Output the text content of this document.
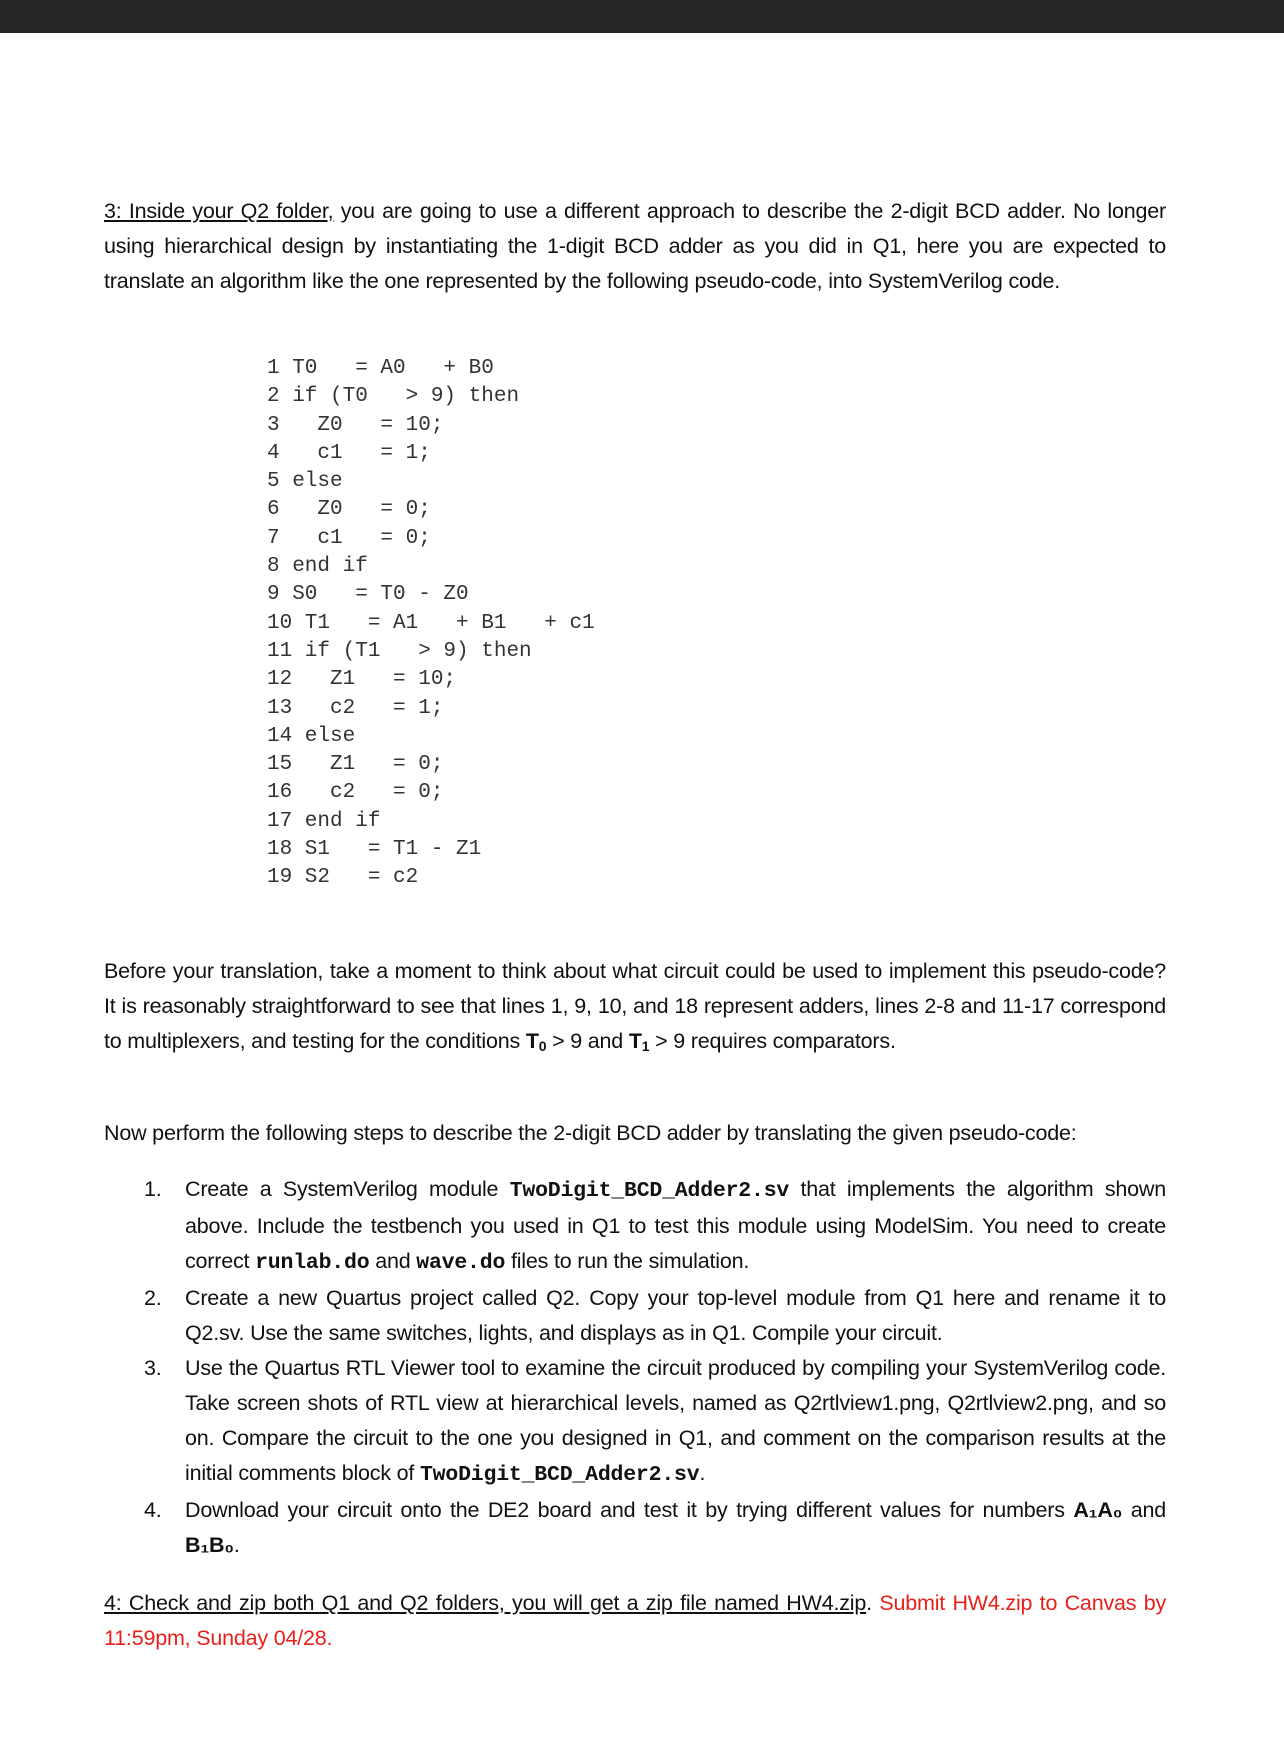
3: Inside your Q2 folder, you are going to use a different approach to describe the 2-digit BCD adder. No longer using hierarchical design by instantiating the 1-digit BCD adder as you did in Q1, here you are expected to translate an algorithm like the one represented by the following pseudo-code, into SystemVerilog code.

1 T0   = A0   + B0
2 if (T0   > 9) then
3   Z0   = 10;
4   c1   = 1;
5 else
6   Z0   = 0;
7   c1   = 0;
8 end if
9 S0   = T0 - Z0
10 T1   = A1   + B1   + c1
11 if (T1   > 9) then
12   Z1   = 10;
13   c2   = 1;
14 else
15   Z1   = 0;
16   c2   = 0;
17 end if
18 S1   = T1 - Z1
19 S2   = c2

Before your translation, take a moment to think about what circuit could be used to implement this pseudo-code? It is reasonably straightforward to see that lines 1, 9, 10, and 18 represent adders, lines 2-8 and 11-17 correspond to multiplexers, and testing for the conditions $T_0 > 9$ and $T_1 > 9$ requires comparators.

Now perform the following steps to describe the 2-digit BCD adder by translating the given pseudo-code:

1. Create a SystemVerilog module TwoDigit_BCD_Adder2.sv that implements the algorithm shown above. Include the testbench you used in Q1 to test this module using ModelSim. You need to create correct runlab.do and wave.do files to run the simulation.
2. Create a new Quartus project called Q2. Copy your top-level module from Q1 here and rename it to Q2.sv. Use the same switches, lights, and displays as in Q1. Compile your circuit.
3. Use the Quartus RTL Viewer tool to examine the circuit produced by compiling your SystemVerilog code. Take screen shots of RTL view at hierarchical levels, named as Q2rtlview1.png, Q2rtlview2.png, and so on. Compare the circuit to the one you designed in Q1, and comment on the comparison results at the initial comments block of TwoDigit_BCD_Adder2.sv.
4. Download your circuit onto the DE2 board and test it by trying different values for numbers A₁A₀ and B₁B₀.

4: Check and zip both Q1 and Q2 folders, you will get a zip file named HW4.zip. Submit HW4.zip to Canvas by 11:59pm, Sunday 04/28.
